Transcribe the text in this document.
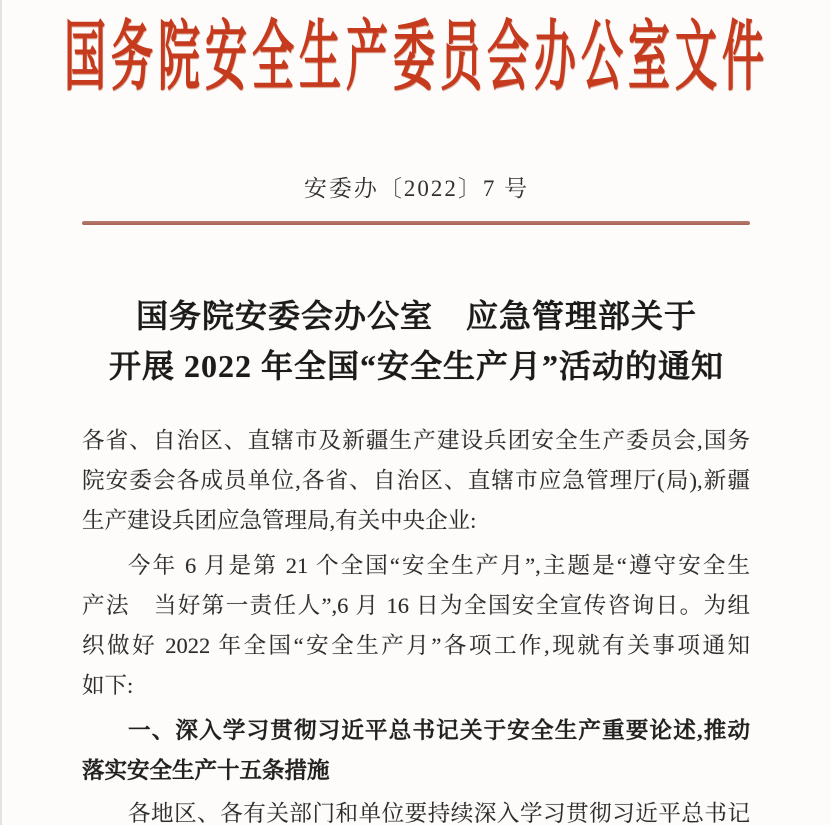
国务院安全生产委员会办公室文件
安委办〔2022〕7 号
国务院安委会办公室　应急管理部关于
开展 2022 年全国“安全生产月”活动的通知

各省、自治区、直辖市及新疆生产建设兵团安全生产委员会,国务
院安委会各成员单位,各省、自治区、直辖市应急管理厅(局),新疆
生产建设兵团应急管理局,有关中央企业:

今年 6 月是第 21 个全国“安全生产月”,主题是“遵守安全生
产法　当好第一责任人”,6 月 16 日为全国安全宣传咨询日。为组
织做好 2022 年全国“安全生产月”各项工作,现就有关事项通知
如下:

一、深入学习贯彻习近平总书记关于安全生产重要论述,推动
落实安全生产十五条措施

各地区、各有关部门和单位要持续深入学习贯彻习近平总书记
